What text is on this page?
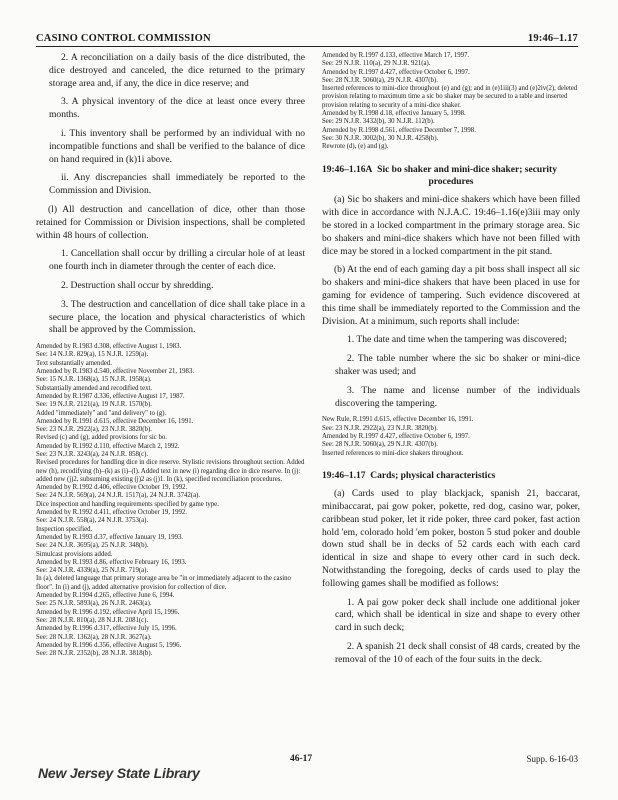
CASINO CONTROL COMMISSION	19:46–1.17

2. A reconciliation on a daily basis of the dice distributed, the dice destroyed and canceled, the dice returned to the primary storage area and, if any, the dice in dice reserve; and

3. A physical inventory of the dice at least once every three months.

i. This inventory shall be performed by an individual with no incompatible functions and shall be verified to the balance of dice on hand required in (k)1i above.

ii. Any discrepancies shall immediately be reported to the Commission and Division.

(l) All destruction and cancellation of dice, other than those retained for Commission or Division inspections, shall be completed within 48 hours of collection.

1. Cancellation shall occur by drilling a circular hole of at least one fourth inch in diameter through the center of each dice.

2. Destruction shall occur by shredding.

3. The destruction and cancellation of dice shall take place in a secure place, the location and physical characteristics of which shall be approved by the Commission.

Amended by R.1983 d.308, effective August 1, 1983.

See: 14 N.J.R. 829(a), 15 N.J.R. 1259(a).

Text substantially amended.

Amended by R.1983 d.540, effective November 21, 1983.

See: 15 N.J.R. 1368(a), 15 N.J.R. 1958(a).

Substantially amended and recodified text.

Amended by R.1987 d.336, effective August 17, 1987.

See: 19 N.J.R. 2121(a), 19 N.J.R. 1570(b).

Added "immediately" and "and delivery" to (g).

Amended by R.1991 d.615, effective December 16, 1991.

See: 23 N.J.R. 2922(a), 23 N.J.R. 3820(b).

Revised (c) and (g), added provisions for sic bo.

Amended by R.1992 d.110, effective March 2, 1992.

See: 23 N.J.R. 3243(a), 24 N.J.R. 858(c).

Revised procedures for handling dice in dice reserve. Stylistic revisions throughout section. Added new (h), recodifying (h)–(k) as (i)–(l). Added text in new (i) regarding dice in dice reserve. In (j): added new (j)2, subsuming existing (j)2 as (j)1. In (k), specified reconciliation procedures.

Amended by R.1992 d.406, effective October 19, 1992.

See: 24 N.J.R. 569(a), 24 N.J.R. 1517(a), 24 N.J.R. 3742(a).

Dice inspection and handling requirements specified by game type.

Amended by R.1992 d.411, effective October 19, 1992.

See: 24 N.J.R. 558(a), 24 N.J.R. 3753(a).

Inspection specified.

Amended by R.1993 d.37, effective January 19, 1993.

See: 24 N.J.R. 3695(a), 25 N.J.R. 348(b).

Simulcast provisions added.

Amended by R.1993 d.86, effective February 16, 1993.

See: 24 N.J.R. 4339(a), 25 N.J.R. 719(a).

In (a), deleted language that primary storage area be "in or immediately adjacent to the casino floor". In (i) and (j), added alternative provision for collection of dice.

Amended by R.1994 d.265, effective June 6, 1994.

See: 25 N.J.R. 5893(a), 26 N.J.R. 2463(a).

Amended by R.1996 d.192, effective April 15, 1996.

See: 28 N.J.R. 810(a), 28 N.J.R. 2081(c).

Amended by R.1996 d.317, effective July 15, 1996.

See: 28 N.J.R. 1362(a), 28 N.J.R. 3627(a).

Amended by R.1996 d.356, effective August 5, 1996.

See: 28 N.J.R. 2352(b), 28 N.J.R. 3818(b).

Amended by R.1997 d.133, effective March 17, 1997.

See: 29 N.J.R. 110(a), 29 N.J.R. 921(a).

Amended by R.1997 d.427, effective October 6, 1997.

See: 28 N.J.R. 5060(a), 29 N.J.R. 4307(b).

Inserted references to mini-dice throughout (e) and (g); and in (e)1iii(3) and (e)2iv(2), deleted provision relating to maximum time a sic bo shaker may be secured to a table and inserted provision relating to security of a mini-dice shaker.

Amended by R.1998 d.18, effective January 5, 1998.

See: 29 N.J.R. 3432(b), 30 N.J.R. 112(b).

Amended by R.1998 d.561, effective December 7, 1998.

See: 30 N.J.R. 3002(b), 30 N.J.R. 4258(b).

Rewrote (d), (e) and (g).

19:46–1.16A Sic bo shaker and mini-dice shaker; security
procedures

(a) Sic bo shakers and mini-dice shakers which have been filled with dice in accordance with N.J.A.C. 19:46–1.16(e)3iii may only be stored in a locked compartment in the primary storage area. Sic bo shakers and mini-dice shakers which have not been filled with dice may be stored in a locked compartment in the pit stand.

(b) At the end of each gaming day a pit boss shall inspect all sic bo shakers and mini-dice shakers that have been placed in use for gaming for evidence of tampering. Such evidence discovered at this time shall be immediately reported to the Commission and the Division. At a minimum, such reports shall include:

1. The date and time when the tampering was discovered;

2. The table number where the sic bo shaker or mini-dice shaker was used; and

3. The name and license number of the individuals discovering the tampering.

New Rule, R.1991 d.615, effective December 16, 1991.

See: 23 N.J.R. 2922(a), 23 N.J.R. 3820(b).

Amended by R.1997 d.427, effective October 6, 1997.

See: 28 N.J.R. 5060(a), 29 N.J.R. 4307(b).

Inserted references to mini-dice shakers throughout.

19:46–1.17 Cards; physical characteristics

(a) Cards used to play blackjack, spanish 21, baccarat, minibaccarat, pai gow poker, pokette, red dog, casino war, poker, caribbean stud poker, let it ride poker, three card poker, fast action hold 'em, colorado hold 'em poker, boston 5 stud poker and double down stud shall be in decks of 52 cards each with each card identical in size and shape to every other card in such deck. Notwithstanding the foregoing, decks of cards used to play the following games shall be modified as follows:

1. A pai gow poker deck shall include one additional joker card, which shall be identical in size and shape to every other card in such deck;

2. A spanish 21 deck shall consist of 48 cards, created by the removal of the 10 of each of the four suits in the deck.

New Jersey State Library
46-17	Supp. 6-16-03
